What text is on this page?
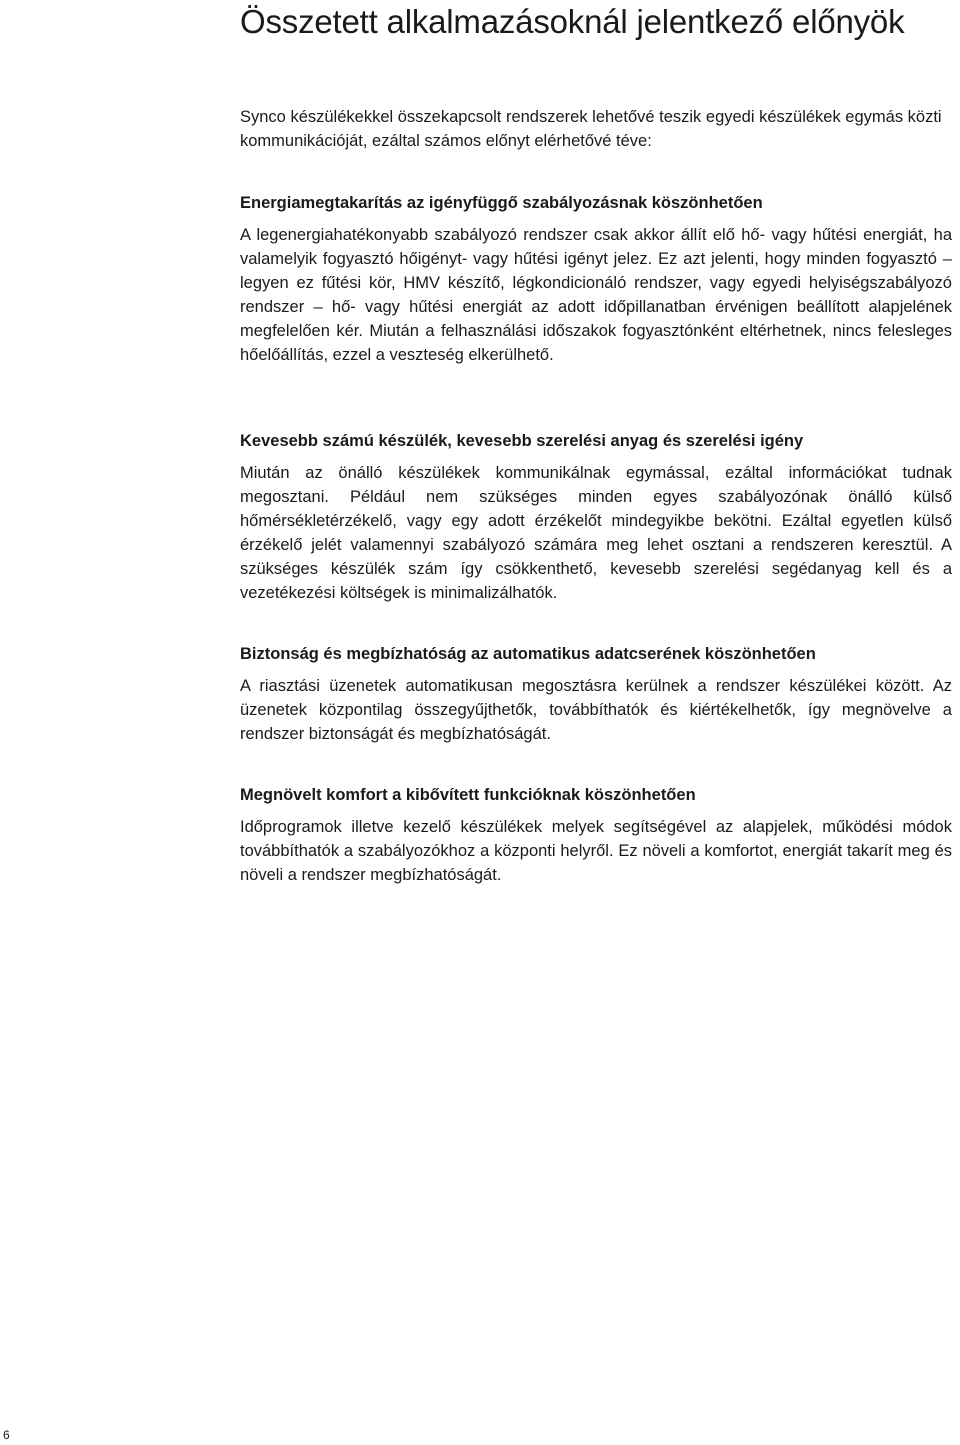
Összetett alkalmazásoknál jelentkező előnyök

Synco készülékekkel összekapcsolt rendszerek lehetővé teszik egyedi készülékek egymás közti kommunikációját, ezáltal számos előnyt elérhetővé téve:

Energiamegtakarítás az igényfüggő szabályozásnak köszönhetően

A legenergiahatékonyabb szabályozó rendszer csak akkor állít elő hő- vagy hűtési energiát, ha valamelyik fogyasztó hőigényt- vagy hűtési igényt jelez. Ez azt jelenti, hogy minden fogyasztó – legyen ez fűtési kör, HMV készítő, légkondicionáló rendszer, vagy egyedi helyiségszabályozó rendszer – hő- vagy hűtési energiát az adott időpillanatban érvénigen beállított alapjelének megfelelően kér. Miután a felhasználási időszakok fogyasztónként eltérhetnek, nincs felesleges hőelőállítás, ezzel a veszteség elkerülhető.

Kevesebb számú készülék, kevesebb szerelési anyag és szerelési igény

Miután az önálló készülékek kommunikálnak egymással, ezáltal információkat tudnak megosztani. Például nem szükséges minden egyes szabályozónak önálló külső hőmérsékletérzékelő, vagy egy adott érzékelőt mindegyikbe bekötni. Ezáltal egyetlen külső érzékelő jelét valamennyi szabályozó számára meg lehet osztani a rendszeren keresztül. A szükséges készülék szám így csökkenthető, kevesebb szerelési segédanyag kell és a vezetékezési költségek is minimalizálhatók.

Biztonság és megbízhatóság az automatikus adatcserének köszönhetően

A riasztási üzenetek automatikusan megosztásra kerülnek a rendszer készülékei között. Az üzenetek központilag összegyűjthetők, továbbíthatók és kiértékelhetők, így megnövelve a rendszer biztonságát és megbízhatóságát.

Megnövelt komfort a kibővített funkcióknak köszönhetően

Időprogramok illetve kezelő készülékek melyek segítségével az alapjelek, működési módok továbbíthatók a szabályozókhoz a központi helyről. Ez növeli a komfortot, energiát takarít meg és növeli a rendszer megbízhatóságát.

6
